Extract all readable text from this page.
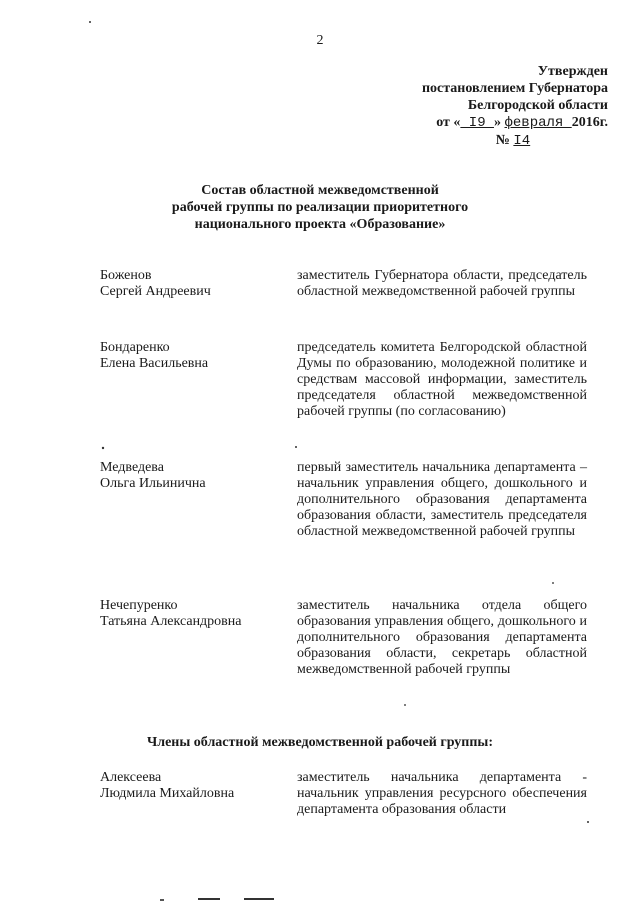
2
Утвержден
постановлением Губернатора
Белгородской области
от « I9 » февраля 2016г.
№ I4
Состав областной межведомственной
рабочей группы по реализации приоритетного
национального проекта «Образование»
Боженов
Сергей Андреевич
заместитель Губернатора области, председатель областной межведомственной рабочей группы
Бондаренко
Елена Васильевна
председатель комитета Белгородской областной Думы по образованию, молодежной политике и средствам массовой информации, заместитель председателя областной межведомственной рабочей группы (по согласованию)
Медведева
Ольга Ильинична
первый заместитель начальника департамента – начальник управления общего, дошкольного и дополнительного образования департамента образования области, заместитель председателя областной межведомственной рабочей группы
Нечепуренко
Татьяна Александровна
заместитель начальника отдела общего образования управления общего, дошкольного и дополнительного образования департамента образования области, секретарь областной межведомственной рабочей группы
Члены областной межведомственной рабочей группы:
Алексеева
Людмила Михайловна
заместитель начальника департамента - начальник управления ресурсного обеспечения департамента образования области
